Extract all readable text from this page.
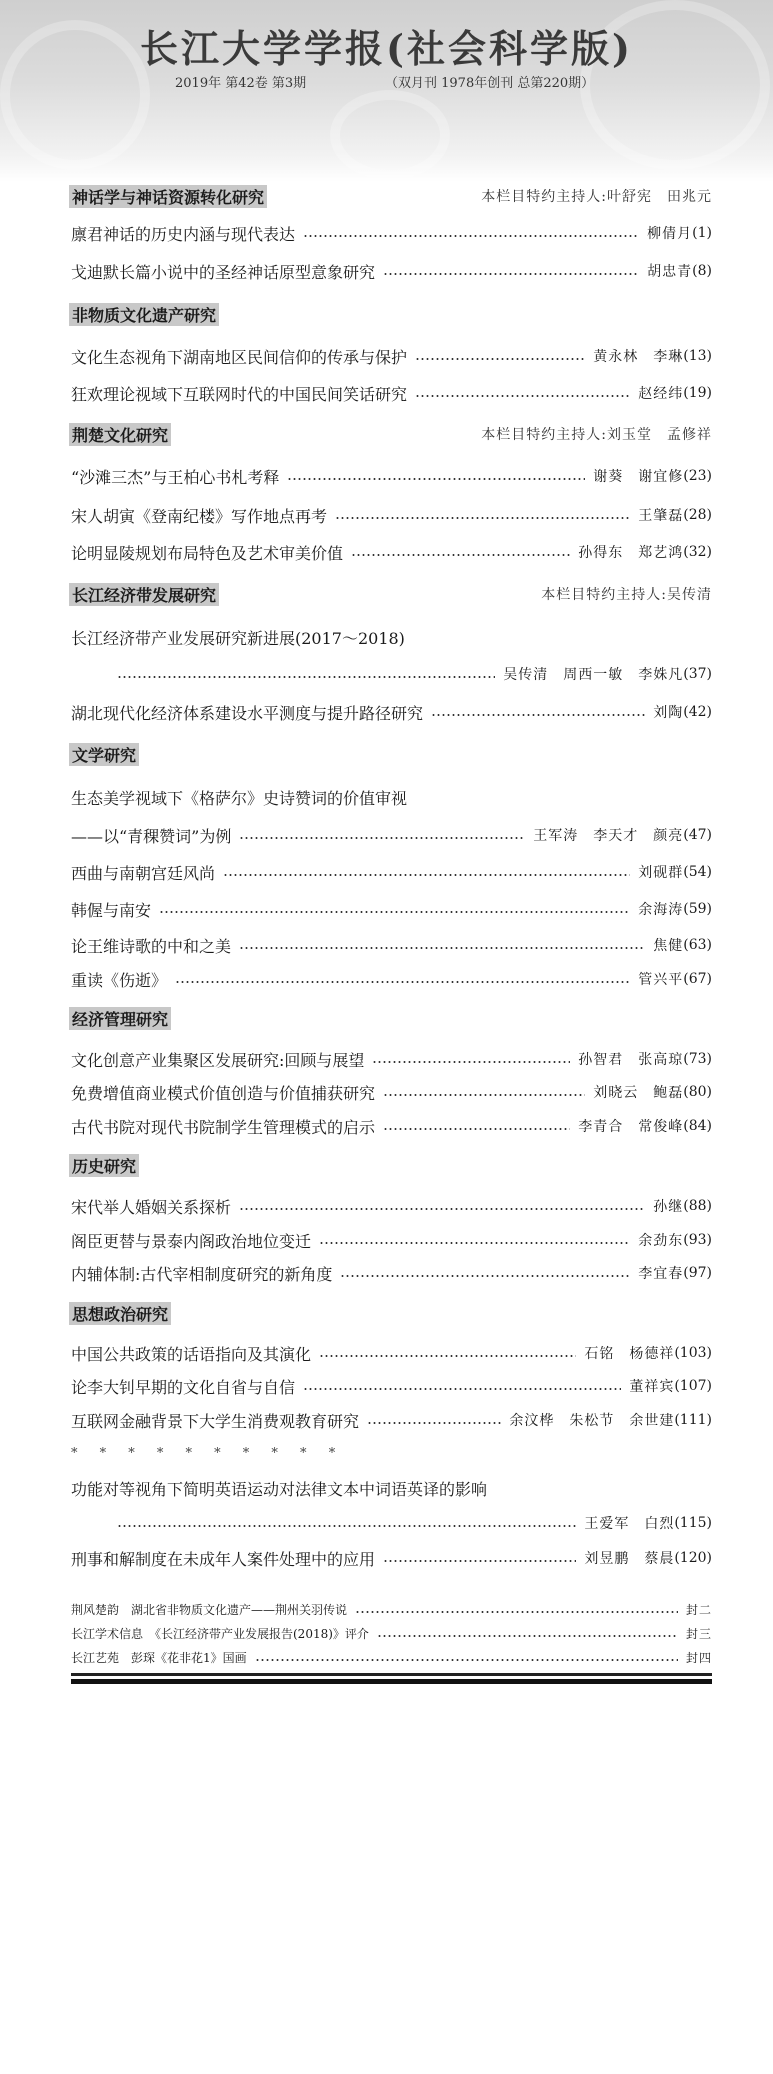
长江大学学报(社会科学版)
2019年 第42卷 第3期	（双月刊 1978年创刊 总第220期）
神话学与神话资源转化研究	本栏目特约主持人:叶舒宪　田兆元
廪君神话的历史内涵与现代表达	柳倩月 (1)
戈迪默长篇小说中的圣经神话原型意象研究	胡忠青 (8)
非物质文化遗产研究
文化生态视角下湖南地区民间信仰的传承与保护	黄永林　李琳 (13)
狂欢理论视域下互联网时代的中国民间笑话研究	赵经纬 (19)
荆楚文化研究	本栏目特约主持人:刘玉堂　孟修祥
“沙滩三杰”与王柏心书札考释	谢葵　谢宜修 (23)
宋人胡寅《登南纪楼》写作地点再考	王肇磊 (28)
论明显陵规划布局特色及艺术审美价值	孙得东　郑艺鸿 (32)
长江经济带发展研究	本栏目特约主持人:吴传清
长江经济带产业发展研究新进展(2017～2018)
吴传清　周西一敏　李姝凡 (37)
湖北现代化经济体系建设水平测度与提升路径研究	刘陶 (42)
文学研究
生态美学视域下《格萨尔》史诗赞词的价值审视
——以“青稞赞词”为例	王军涛　李天才　颜亮 (47)
西曲与南朝宫廷风尚	刘砚群 (54)
韩偓与南安	余海涛 (59)
论王维诗歌的中和之美	焦健 (63)
重读《伤逝》	管兴平 (67)
经济管理研究
文化创意产业集聚区发展研究:回顾与展望	孙智君　张高琼 (73)
免费增值商业模式价值创造与价值捕获研究	刘晓云　鲍磊 (80)
古代书院对现代书院制学生管理模式的启示	李青合　常俊峰 (84)
历史研究
宋代举人婚姻关系探析	孙继 (88)
阁臣更替与景泰内阁政治地位变迁	余劲东 (93)
内辅体制:古代宰相制度研究的新角度	李宜春 (97)
思想政治研究
中国公共政策的话语指向及其演化	石铭　杨德祥 (103)
论李大钊早期的文化自省与自信	董祥宾 (107)
互联网金融背景下大学生消费观教育研究	余汶桦　朱松节　余世建 (111)
* * * * * * * * * *
功能对等视角下简明英语运动对法律文本中词语英译的影响
王爱军　白烈 (115)
刑事和解制度在未成年人案件处理中的应用	刘昱鹏　蔡晨 (120)
荆风楚韵　湖北省非物质文化遗产——荆州关羽传说	封二
长江学术信息　《长江经济带产业发展报告(2018)》评介	封三
长江艺苑　彭琛《花非花1》国画	封四
